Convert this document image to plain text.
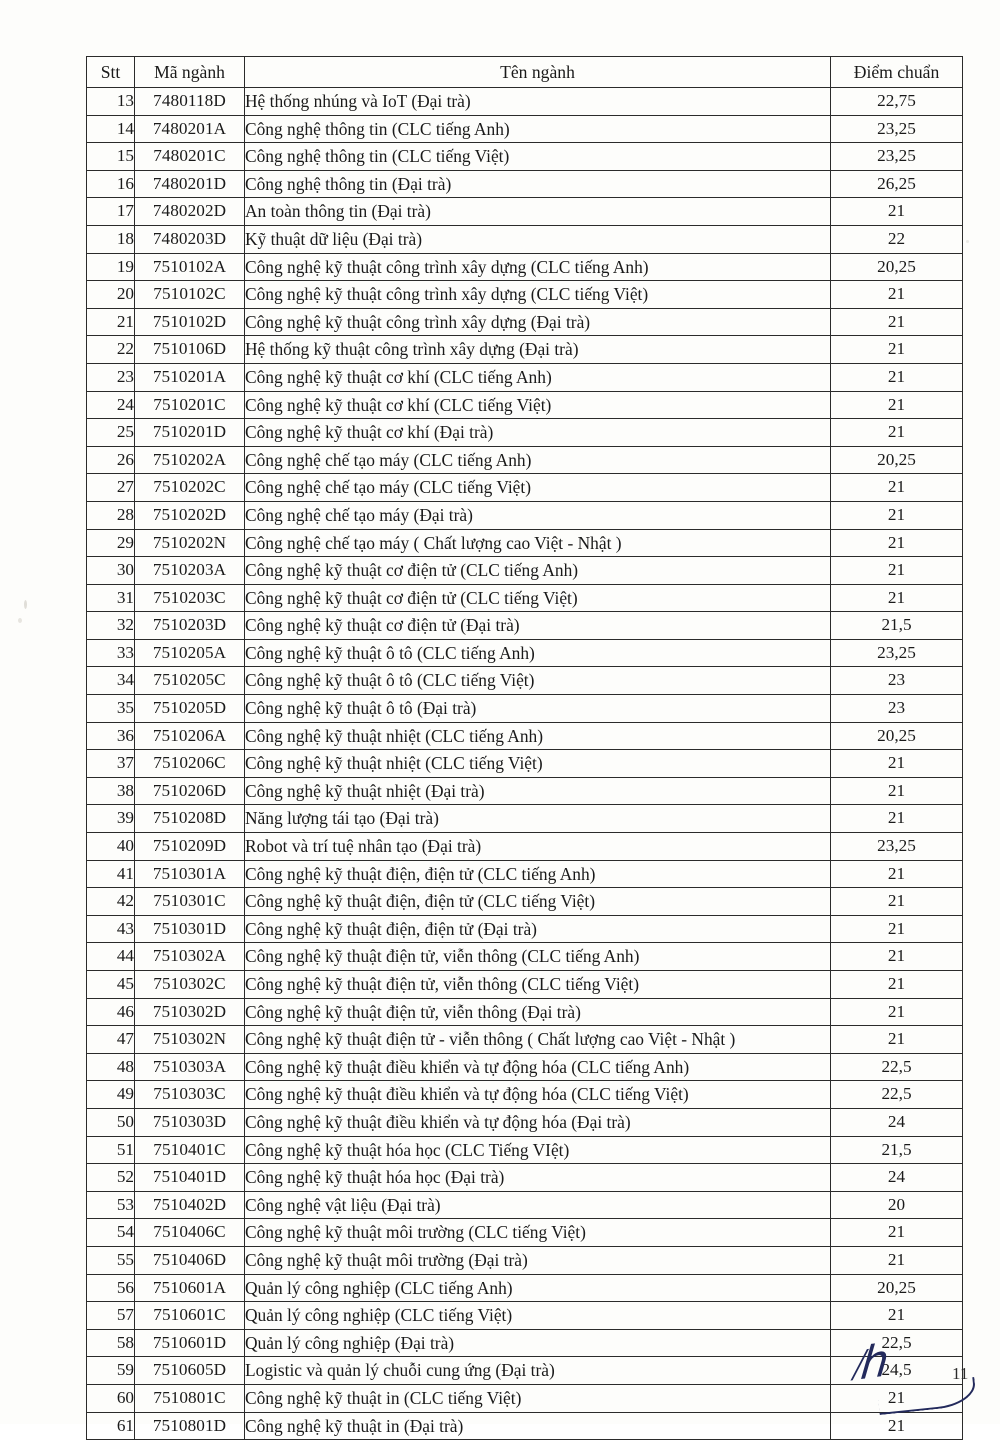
Stt	Mã ngành	Tên ngành	Điểm chuẩn
13	7480118D	Hệ thống nhúng và IoT (Đại trà)	22,75
14	7480201A	Công nghệ thông tin (CLC tiếng Anh)	23,25
15	7480201C	Công nghệ thông tin (CLC tiếng Việt)	23,25
16	7480201D	Công nghệ thông tin (Đại trà)	26,25
17	7480202D	An toàn thông tin (Đại trà)	21
18	7480203D	Kỹ thuật dữ liệu (Đại trà)	22
19	7510102A	Công nghệ kỹ thuật công trình xây dựng (CLC tiếng Anh)	20,25
20	7510102C	Công nghệ kỹ thuật công trình xây dựng (CLC tiếng Việt)	21
21	7510102D	Công nghệ kỹ thuật công trình xây dựng (Đại trà)	21
22	7510106D	Hệ thống kỹ thuật công trình xây dựng (Đại trà)	21
23	7510201A	Công nghệ kỹ thuật cơ khí (CLC tiếng Anh)	21
24	7510201C	Công nghệ kỹ thuật cơ khí (CLC tiếng Việt)	21
25	7510201D	Công nghệ kỹ thuật cơ khí (Đại trà)	21
26	7510202A	Công nghệ chế tạo máy (CLC tiếng Anh)	20,25
27	7510202C	Công nghệ chế tạo máy (CLC tiếng Việt)	21
28	7510202D	Công nghệ chế tạo máy (Đại trà)	21
29	7510202N	Công nghệ chế tạo máy ( Chất lượng cao Việt - Nhật )	21
30	7510203A	Công nghệ kỹ thuật cơ điện tử (CLC tiếng Anh)	21
31	7510203C	Công nghệ kỹ thuật cơ điện tử (CLC tiếng Việt)	21
32	7510203D	Công nghệ kỹ thuật cơ điện tử (Đại trà)	21,5
33	7510205A	Công nghệ kỹ thuật ô tô (CLC tiếng Anh)	23,25
34	7510205C	Công nghệ kỹ thuật ô tô (CLC tiếng Việt)	23
35	7510205D	Công nghệ kỹ thuật ô tô (Đại trà)	23
36	7510206A	Công nghệ kỹ thuật nhiệt (CLC tiếng Anh)	20,25
37	7510206C	Công nghệ kỹ thuật nhiệt (CLC tiếng Việt)	21
38	7510206D	Công nghệ kỹ thuật nhiệt (Đại trà)	21
39	7510208D	Năng lượng tái tạo (Đại trà)	21
40	7510209D	Robot và trí tuệ nhân tạo (Đại trà)	23,25
41	7510301A	Công nghệ kỹ thuật điện, điện tử (CLC tiếng Anh)	21
42	7510301C	Công nghệ kỹ thuật điện, điện tử (CLC tiếng Việt)	21
43	7510301D	Công nghệ kỹ thuật điện, điện tử (Đại trà)	21
44	7510302A	Công nghệ kỹ thuật điện tử, viễn thông (CLC tiếng Anh)	21
45	7510302C	Công nghệ kỹ thuật điện tử, viễn thông (CLC tiếng Việt)	21
46	7510302D	Công nghệ kỹ thuật điện tử, viễn thông (Đại trà)	21
47	7510302N	Công nghệ kỹ thuật điện tử - viễn thông ( Chất lượng cao Việt - Nhật )	21
48	7510303A	Công nghệ kỹ thuật điều khiển và tự động hóa (CLC tiếng Anh)	22,5
49	7510303C	Công nghệ kỹ thuật điều khiển và tự động hóa (CLC tiếng Việt)	22,5
50	7510303D	Công nghệ kỹ thuật điều khiển và tự động hóa (Đại trà)	24
51	7510401C	Công nghệ kỹ thuật hóa học (CLC Tiếng VIệt)	21,5
52	7510401D	Công nghệ kỹ thuật hóa học (Đại trà)	24
53	7510402D	Công nghệ vật liệu (Đại trà)	20
54	7510406C	Công nghệ kỹ thuật môi trường (CLC tiếng Việt)	21
55	7510406D	Công nghệ kỹ thuật môi trường (Đại trà)	21
56	7510601A	Quản lý công nghiệp (CLC tiếng Anh)	20,25
57	7510601C	Quản lý công nghiệp (CLC tiếng Việt)	21
58	7510601D	Quản lý công nghiệp (Đại trà)	22,5
59	7510605D	Logistic và quản lý chuỗi cung ứng (Đại trà)	24,5
60	7510801C	Công nghệ kỹ thuật in (CLC tiếng Việt)	21
61	7510801D	Công nghệ kỹ thuật in (Đại trà)	21
⁄ℎ	11
